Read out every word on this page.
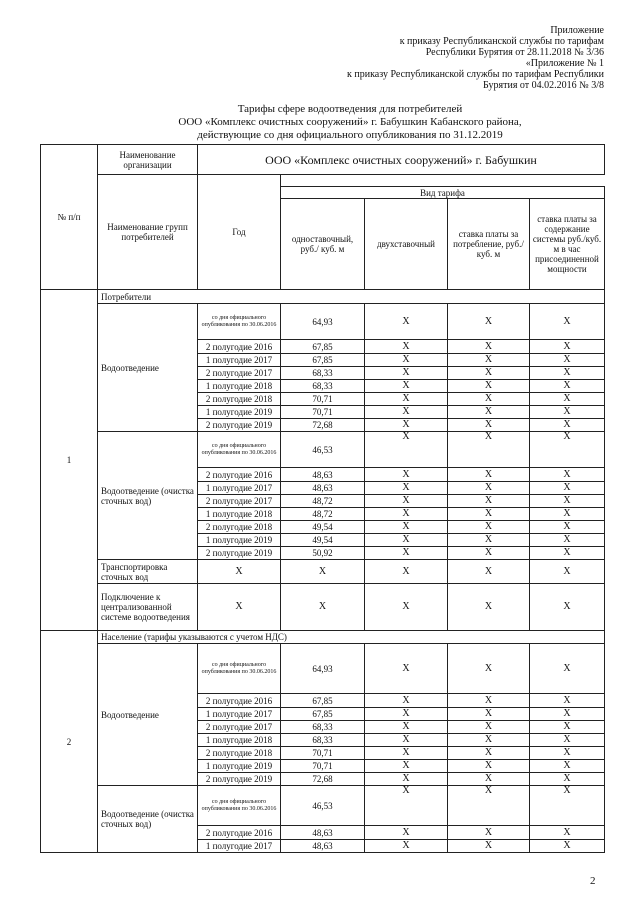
Приложение
к приказу Республиканской службы по тарифам
Республики Бурятия от 28.11.2018 № 3/36
«Приложение № 1
к приказу Республиканской службы по тарифам Республики
Бурятия от 04.02.2016 № 3/8
Тарифы сфере водоотведения для потребителей
ООО «Комплекс очистных сооружений» г. Бабушкин Кабанского района,
действующие со дня официального опубликования по 31.12.2019
№ п/п	Наименование организации	ООО «Комплекс очистных сооружений» г. Бабушкин				
	Наименование групп потребителей	Год				
			Вид тарифа			
			одноставочный, руб./ куб. м	двухставочный	ставка платы за потребление, руб./ куб. м	ставка платы за содержание системы руб./куб. м в час присоединенной мощности
1	Потребители					
	Водоотведение	со дня официального опубликования по 30.06.2016	64,93	X	X	X
		2 полугодие 2016	67,85	X	X	X
		1 полугодие 2017	67,85	X	X	X
		2 полугодие 2017	68,33	X	X	X
		1 полугодие 2018	68,33	X	X	X
		2 полугодие 2018	70,71	X	X	X
		1 полугодие 2019	70,71	X	X	X
		2 полугодие 2019	72,68	X	X	X
	Водоотведение (очистка сточных вод)	со дня официального опубликования по 30.06.2016	46,53	X	X	X
		2 полугодие 2016	48,63	X	X	X
		1 полугодие 2017	48,63	X	X	X
		2 полугодие 2017	48,72	X	X	X
		1 полугодие 2018	48,72	X	X	X
		2 полугодие 2018	49,54	X	X	X
		1 полугодие 2019	49,54	X	X	X
		2 полугодие 2019	50,92	X	X	X
	Транспортировка сточных вод	X	X	X	X	X
	Подключение к централизованной системе водоотведения	X	X	X	X	X
2	Население (тарифы указываются с учетом НДС)					
	Водоотведение	со дня официального опубликования по 30.06.2016	64,93	X	X	X
		2 полугодие 2016	67,85	X	X	X
		1 полугодие 2017	67,85	X	X	X
		2 полугодие 2017	68,33	X	X	X
		1 полугодие 2018	68,33	X	X	X
		2 полугодие 2018	70,71	X	X	X
		1 полугодие 2019	70,71	X	X	X
		2 полугодие 2019	72,68	X	X	X
	Водоотведение (очистка сточных вод)	со дня официального опубликования по 30.06.2016	46,53	X	X	X
		2 полугодие 2016	48,63	X	X	X
		1 полугодие 2017	48,63	X	X	X
2
